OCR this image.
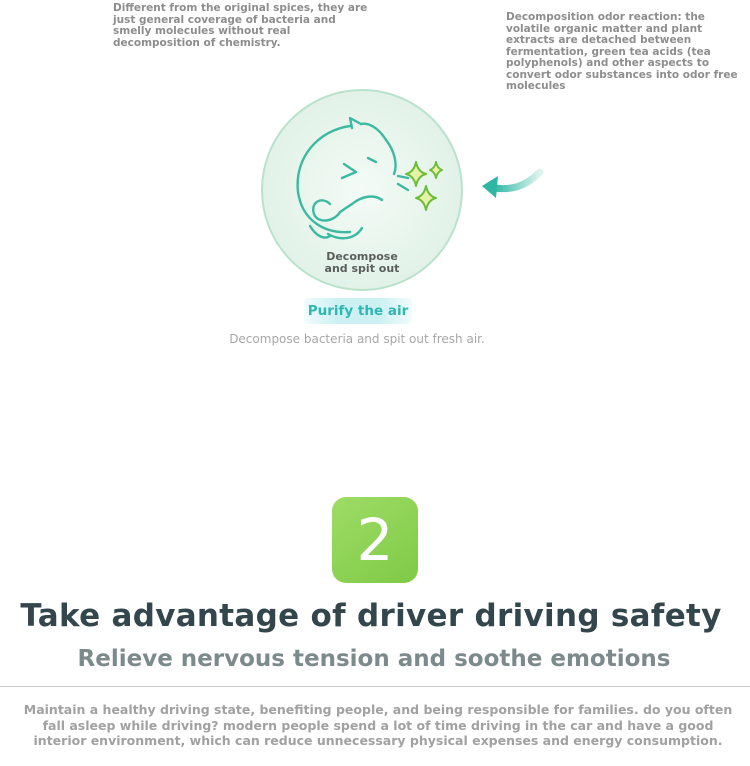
Different from the original spices, they are just general coverage of bacteria and smelly molecules without real decomposition of chemistry.

Decomposition odor reaction: the volatile organic matter and plant extracts are detached between fermentation, green tea acids (tea polyphenols) and other aspects to convert odor substances into odor free molecules

Decompose
and spit out
Purify the air
Decompose bacteria and spit out fresh air.
2
Take advantage of driver driving safety
Relieve nervous tension and soothe emotions

Maintain a healthy driving state, benefiting people, and being responsible for families. do you often fall asleep while driving? modern people spend a lot of time driving in the car and have a good interior environment, which can reduce unnecessary physical expenses and energy consumption.
